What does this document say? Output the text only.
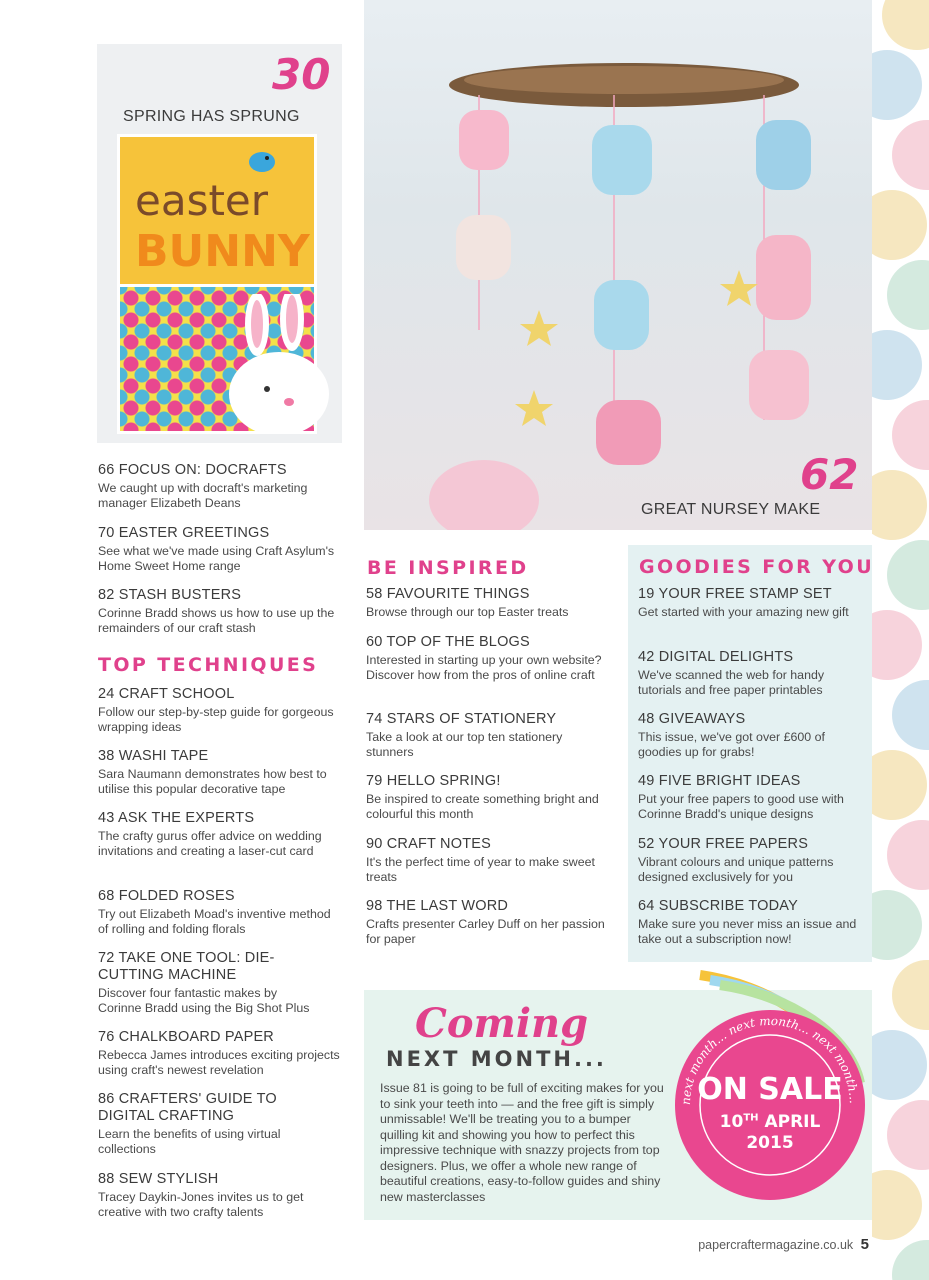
easter
BUNNY
30
SPRING HAS SPRUNG
62
GREAT NURSEY MAKE
66 FOCUS ON: DOCRAFTS
We caught up with docraft's marketing manager Elizabeth Deans
70 EASTER GREETINGS
See what we've made using Craft Asylum's Home Sweet Home range
82 STASH BUSTERS
Corinne Bradd shows us how to use up the remainders of our craft stash
TOP TECHNIQUES
24 CRAFT SCHOOL
Follow our step-by-step guide for gorgeous wrapping ideas
38 WASHI TAPE
Sara Naumann demonstrates how best to utilise this popular decorative tape
43 ASK THE EXPERTS
The crafty gurus offer advice on wedding invitations and creating a laser-cut card
68 FOLDED ROSES
Try out Elizabeth Moad's inventive method of rolling and folding florals
72 TAKE ONE TOOL: DIE-CUTTING MACHINE
Discover four fantastic makes by Corinne Bradd using the Big Shot Plus
76 CHALKBOARD PAPER
Rebecca James introduces exciting projects using craft's newest revelation
86 CRAFTERS' GUIDE TO DIGITAL CRAFTING
Learn the benefits of using virtual collections
88 SEW STYLISH
Tracey Daykin-Jones invites us to get creative with two crafty talents
BE INSPIRED
58 FAVOURITE THINGS
Browse through our top Easter treats
60 TOP OF THE BLOGS
Interested in starting up your own website? Discover how from the pros of online craft
74 STARS OF STATIONERY
Take a look at our top ten stationery stunners
79 HELLO SPRING!
Be inspired to create something bright and colourful this month
90 CRAFT NOTES
It's the perfect time of year to make sweet treats
98 THE LAST WORD
Crafts presenter Carley Duff on her passion for paper
GOODIES FOR YOU
19 YOUR FREE STAMP SET
Get started with your amazing new gift
42 DIGITAL DELIGHTS
We've scanned the web for handy tutorials and free paper printables
48 GIVEAWAYS
This issue, we've got over £600 of goodies up for grabs!
49 FIVE BRIGHT IDEAS
Put your free papers to good use with Corinne Bradd's unique designs
52 YOUR FREE PAPERS
Vibrant colours and unique patterns designed exclusively for you
64 SUBSCRIBE TODAY
Make sure you never miss an issue and take out a subscription now!
Coming
NEXT MONTH...
Issue 81 is going to be full of exciting makes for you to sink your teeth into — and the free gift is simply unmissable! We'll be treating you to a bumper quilling kit and showing you how to perfect this impressive technique with snazzy projects from top designers. Plus, we offer a whole new range of beautiful creations, easy-to-follow guides and shiny new masterclasses
next month... next month... next month...
ON SALE
10TH APRIL
2015
papercraftermagazine.co.uk 5
